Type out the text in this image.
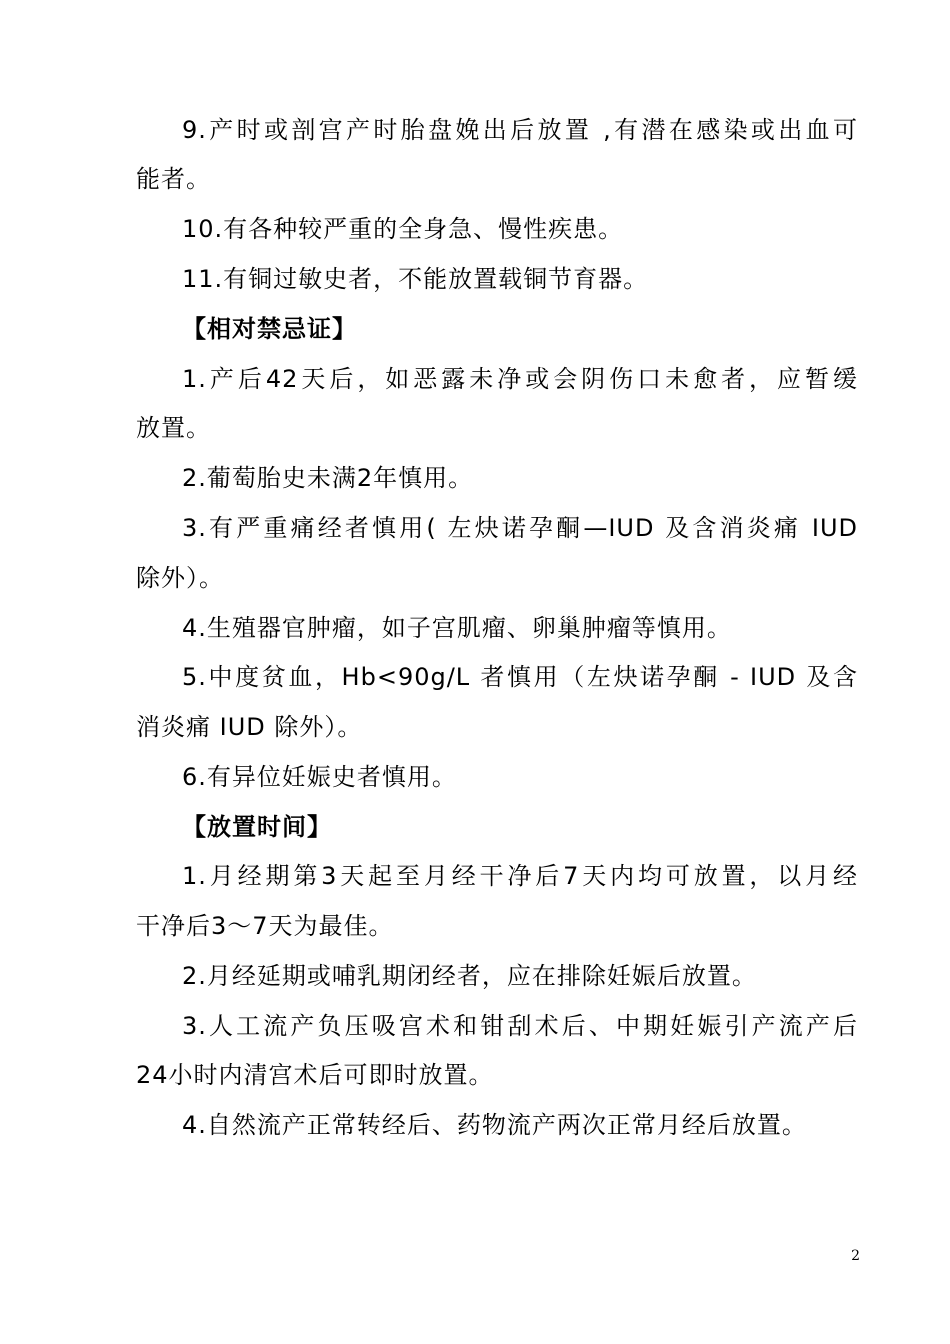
9.产时或剖宫产时胎盘娩出后放置 ,有潜在感染或出血可
能者。
10.有各种较严重的全身急、慢性疾患。
11.有铜过敏史者，不能放置载铜节育器。
【相对禁忌证】
1.产后42天后，如恶露未净或会阴伤口未愈者，应暂缓
放置。
2.葡萄胎史未满2年慎用。
3.有严重痛经者慎用( 左炔诺孕酮—IUD 及含消炎痛 IUD
除外）。
4.生殖器官肿瘤，如子宫肌瘤、卵巢肿瘤等慎用。
5.中度贫血，Hb<90g/L 者慎用（左炔诺孕酮 - IUD 及含
消炎痛 IUD 除外）。
6.有异位妊娠史者慎用。
【放置时间】
1.月经期第3天起至月经干净后7天内均可放置，以月经
干净后3～7天为最佳。
2.月经延期或哺乳期闭经者，应在排除妊娠后放置。
3.人工流产负压吸宫术和钳刮术后、中期妊娠引产流产后
24小时内清宫术后可即时放置。
4.自然流产正常转经后、药物流产两次正常月经后放置。
2
